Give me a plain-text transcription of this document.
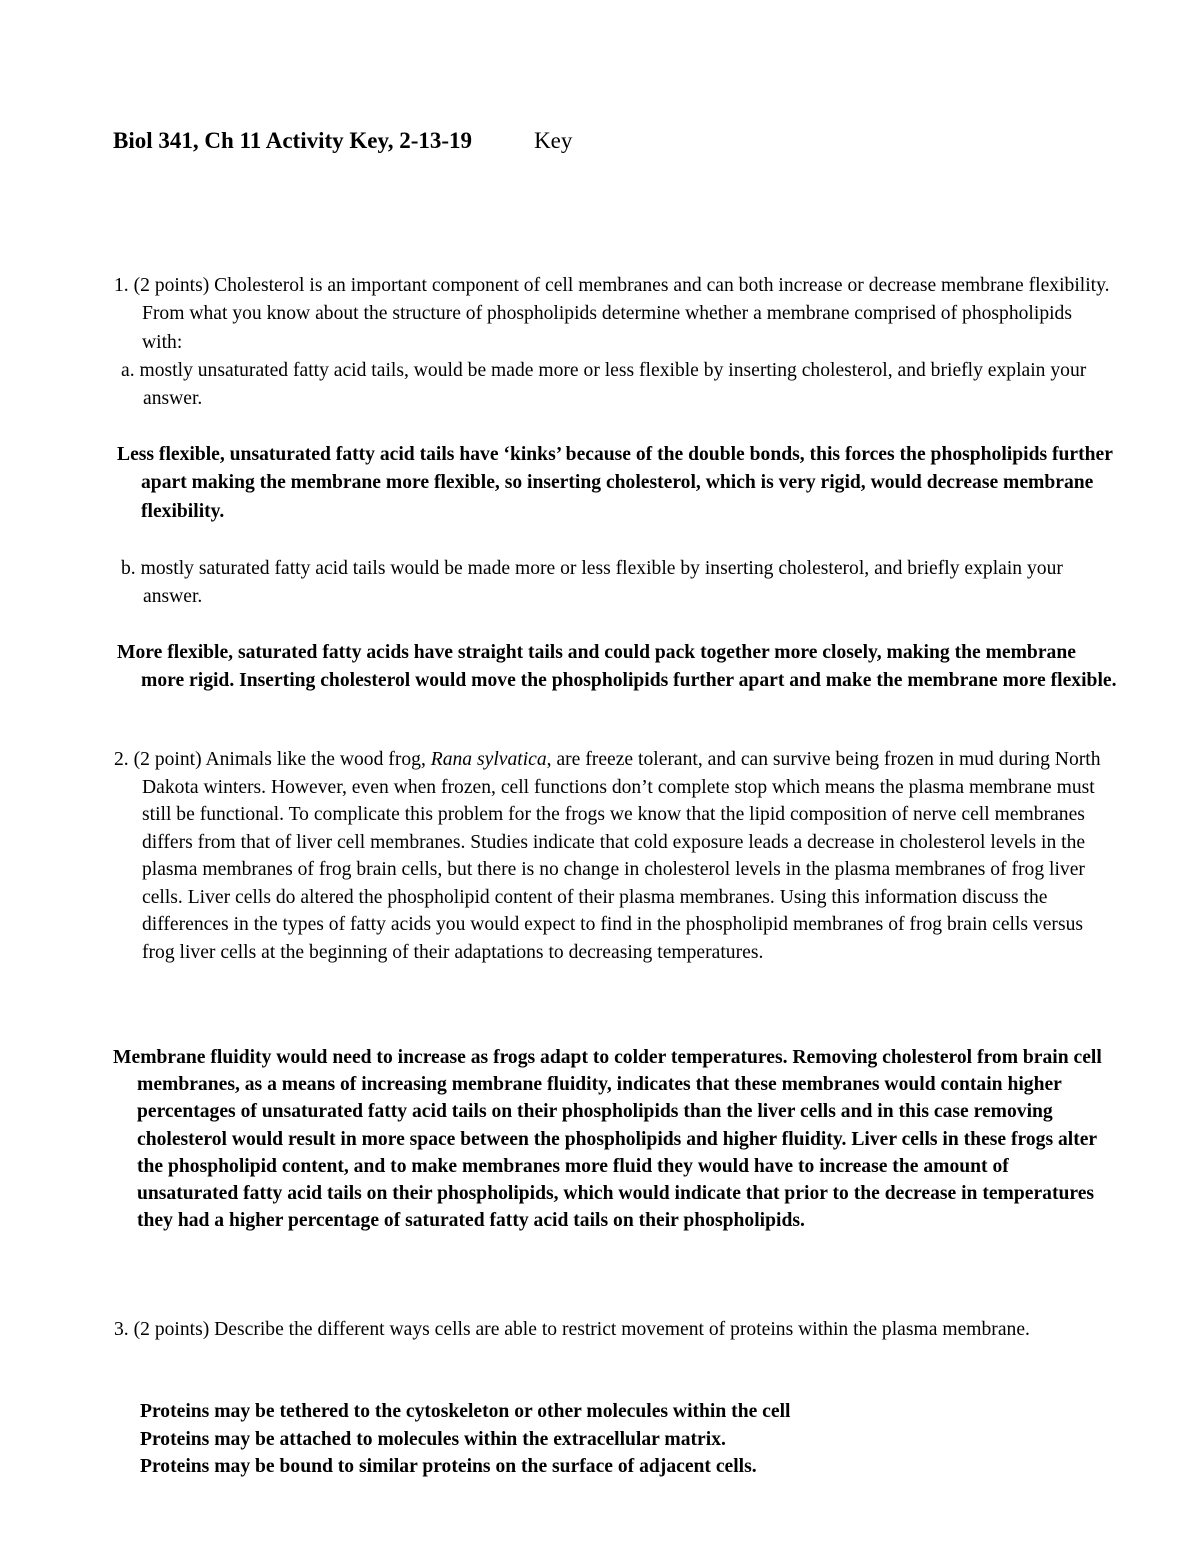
Biol 341, Ch 11 Activity Key, 2-13-19	Key
1. (2 points) Cholesterol is an important component of cell membranes and can both increase or decrease membrane flexibility. From what you know about the structure of phospholipids determine whether a membrane comprised of phospholipids with:
a. mostly unsaturated fatty acid tails, would be made more or less flexible by inserting cholesterol, and briefly explain your answer.
Less flexible, unsaturated fatty acid tails have ‘kinks’ because of the double bonds, this forces the phospholipids further apart making the membrane more flexible, so inserting cholesterol, which is very rigid, would decrease membrane flexibility.
b. mostly saturated fatty acid tails would be made more or less flexible by inserting cholesterol, and briefly explain your answer.
More flexible, saturated fatty acids have straight tails and could pack together more closely, making the membrane more rigid. Inserting cholesterol would move the phospholipids further apart and make the membrane more flexible.
2. (2 point) Animals like the wood frog, Rana sylvatica, are freeze tolerant, and can survive being frozen in mud during North Dakota winters. However, even when frozen, cell functions don’t complete stop which means the plasma membrane must still be functional. To complicate this problem for the frogs we know that the lipid composition of nerve cell membranes differs from that of liver cell membranes. Studies indicate that cold exposure leads a decrease in cholesterol levels in the plasma membranes of frog brain cells, but there is no change in cholesterol levels in the plasma membranes of frog liver cells. Liver cells do altered the phospholipid content of their plasma membranes. Using this information discuss the differences in the types of fatty acids you would expect to find in the phospholipid membranes of frog brain cells versus frog liver cells at the beginning of their adaptations to decreasing temperatures.
Membrane fluidity would need to increase as frogs adapt to colder temperatures. Removing cholesterol from brain cell membranes, as a means of increasing membrane fluidity, indicates that these membranes would contain higher percentages of unsaturated fatty acid tails on their phospholipids than the liver cells and in this case removing cholesterol would result in more space between the phospholipids and higher fluidity. Liver cells in these frogs alter the phospholipid content, and to make membranes more fluid they would have to increase the amount of unsaturated fatty acid tails on their phospholipids, which would indicate that prior to the decrease in temperatures they had a higher percentage of saturated fatty acid tails on their phospholipids.
3. (2 points) Describe the different ways cells are able to restrict movement of proteins within the plasma membrane.
Proteins may be tethered to the cytoskeleton or other molecules within the cell
Proteins may be attached to molecules within the extracellular matrix.
Proteins may be bound to similar proteins on the surface of adjacent cells.
